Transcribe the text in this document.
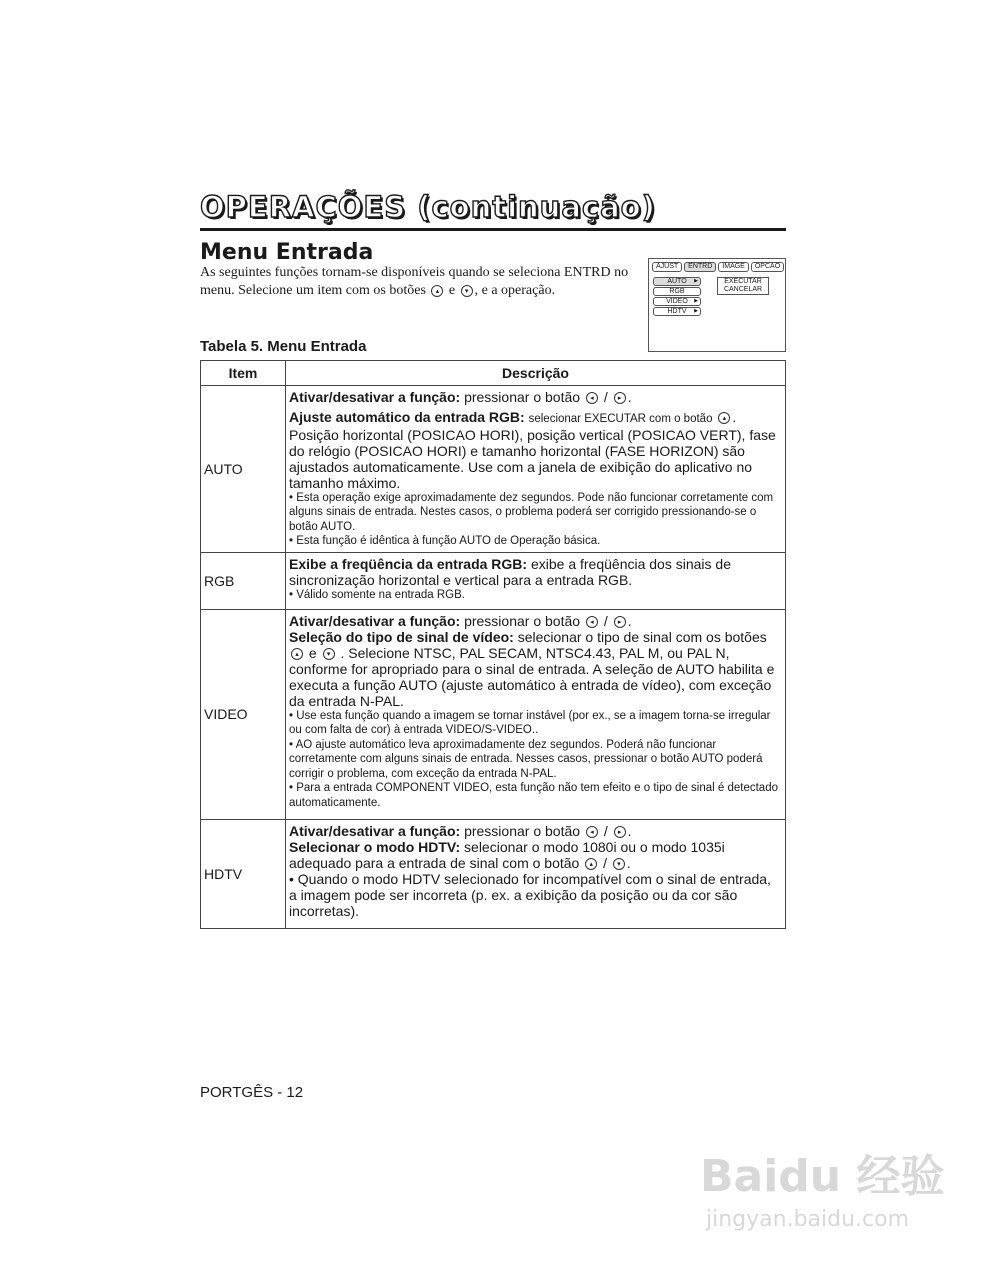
OPERAÇÕES (continuação)
Menu Entrada
As seguintes funções tornam-se disponíveis quando se seleciona ENTRD no menu. Selecione um item com os botões ▴ e ▾ , e a operação.
AJUST	ENTRD	IMAGE	OPCAO
AUTO ▶
RGB
VIDEO ▶
HDTV ▶
EXECUTAR
CANCELAR
Tabela 5. Menu Entrada
Item	Descrição
AUTO	Ativar/desativar a função: pressionar o botão ◂ / ▸ .
Ajuste automático da entrada RGB: selecionar EXECUTAR com o botão ▴ . Posição horizontal (POSICAO HORI), posição vertical (POSICAO VERT), fase do relógio (POSICAO HORI) e tamanho horizontal (FASE HORIZON) são ajustados automaticamente. Use com a janela de exibição do aplicativo no tamanho máximo.
• Esta operação exige aproximadamente dez segundos. Pode não funcionar corretamente com alguns sinais de entrada. Nestes casos, o problema poderá ser corrigido pressionando-se o botão AUTO.
• Esta função é idêntica à função AUTO de Operação básica.

RGB	Exibe a freqüência da entrada RGB: exibe a freqüência dos sinais de sincronização horizontal e vertical para a entrada RGB.
• Válido somente na entrada RGB.

VIDEO	Ativar/desativar a função: pressionar o botão ◂ / ▸ .
Seleção do tipo de sinal de vídeo: selecionar o tipo de sinal com os botões ▴ e ▾ . Selecione NTSC, PAL SECAM, NTSC4.43, PAL M, ou PAL N, conforme for apropriado para o sinal de entrada. A seleção de AUTO habilita e executa a função AUTO (ajuste automático à entrada de vídeo), com exceção da entrada N-PAL.
• Use esta função quando a imagem se tornar instável (por ex., se a imagem torna-se irregular ou com falta de cor) à entrada VIDEO/S-VIDEO..
• AO ajuste automático leva aproximadamente dez segundos. Poderá não funcionar corretamente com alguns sinais de entrada. Nesses casos, pressionar o botão AUTO poderá corrigir o problema, com exceção da entrada N-PAL.
• Para a entrada COMPONENT VIDEO, esta função não tem efeito e o tipo de sinal é detectado automaticamente.

HDTV	Ativar/desativar a função: pressionar o botão ◂ / ▸ .
Selecionar o modo HDTV: selecionar o modo 1080i ou o modo 1035i adequado para a entrada de sinal com o botão ▴ / ▾ .
• Quando o modo HDTV selecionado for incompatível com o sinal de entrada, a imagem pode ser incorreta (p. ex. a exibição da posição ou da cor são incorretas).
PORTGÊS - 12
Baidu 经验
jingyan.baidu.com
